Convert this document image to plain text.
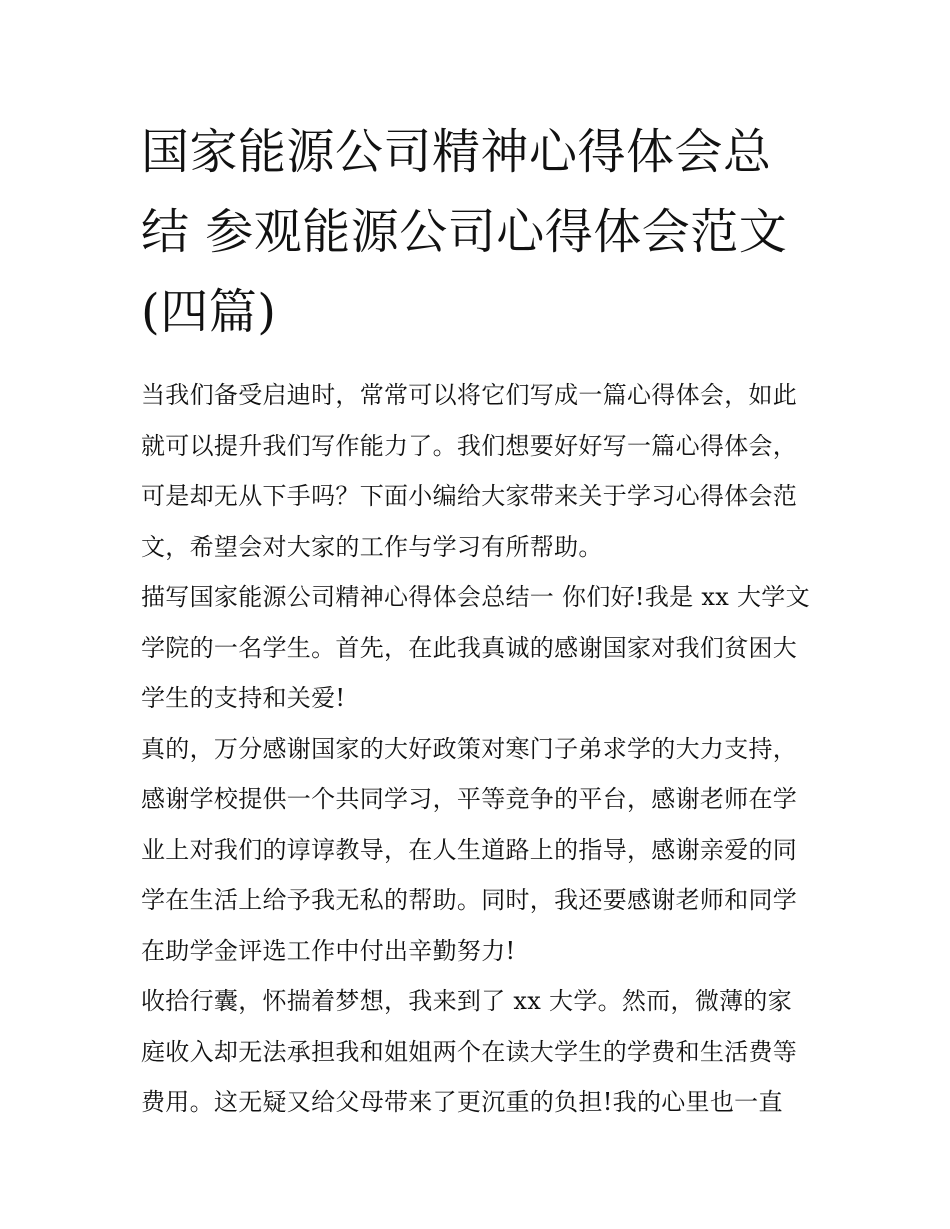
国家能源公司精神心得体会总
结 参观能源公司心得体会范文
(四篇)

当我们备受启迪时，常常可以将它们写成一篇心得体会，如此
就可以提升我们写作能力了。我们想要好好写一篇心得体会，
可是却无从下手吗？下面小编给大家带来关于学习心得体会范
文，希望会对大家的工作与学习有所帮助。

描写国家能源公司精神心得体会总结一 你们好!我是 xx 大学文
学院的一名学生。首先，在此我真诚的感谢国家对我们贫困大
学生的支持和关爱!

真的，万分感谢国家的大好政策对寒门子弟求学的大力支持，
感谢学校提供一个共同学习，平等竞争的平台，感谢老师在学
业上对我们的谆谆教导，在人生道路上的指导，感谢亲爱的同
学在生活上给予我无私的帮助。同时，我还要感谢老师和同学
在助学金评选工作中付出辛勤努力!

收拾行囊，怀揣着梦想，我来到了 xx 大学。然而，微薄的家
庭收入却无法承担我和姐姐两个在读大学生的学费和生活费等
费用。这无疑又给父母带来了更沉重的负担!我的心里也一直
